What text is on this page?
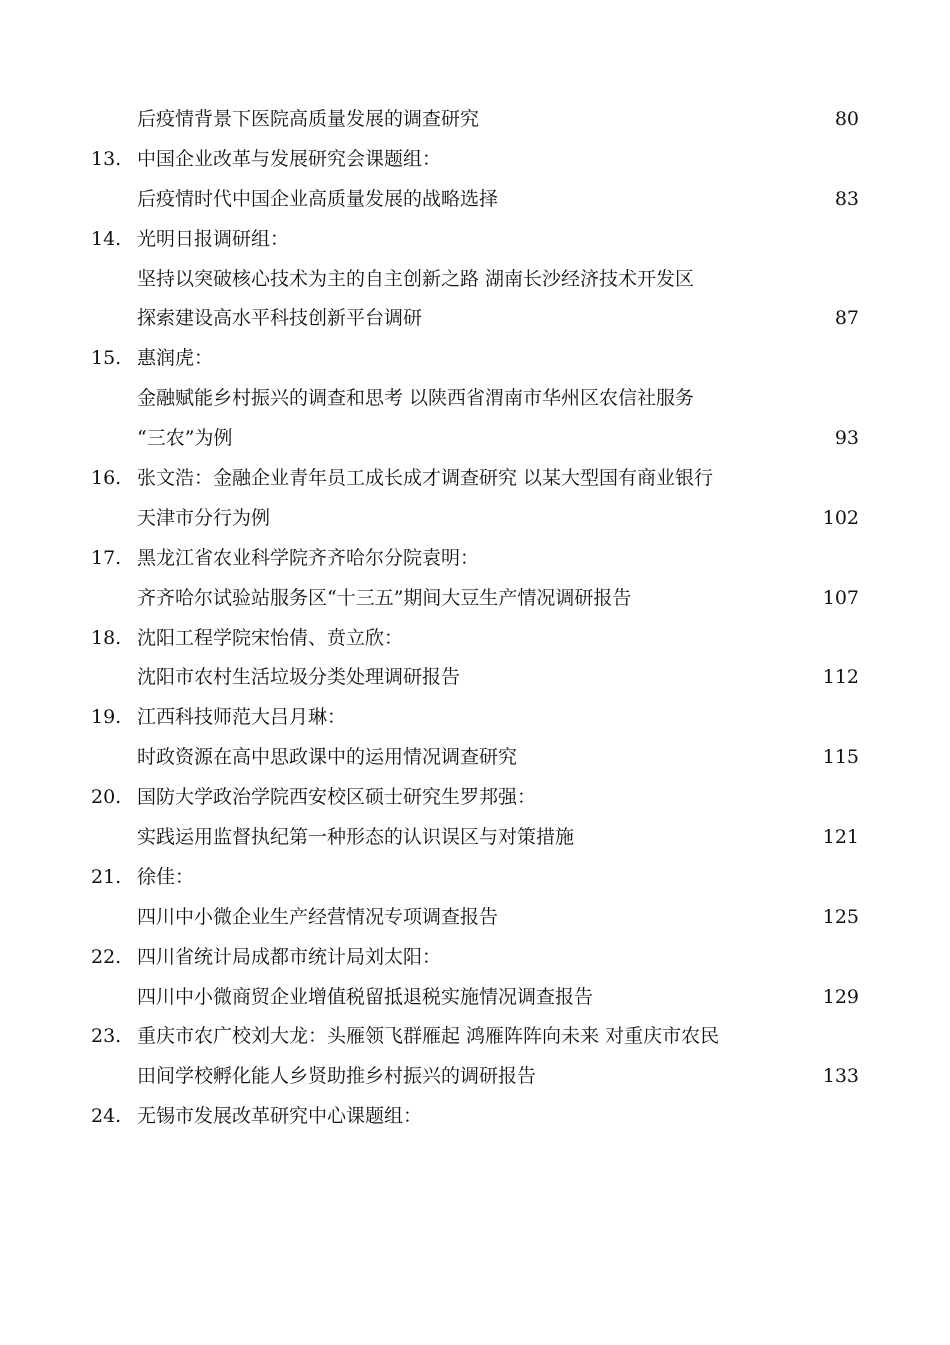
后疫情背景下医院高质量发展的调查研究	80
13. 中国企业改革与发展研究会课题组：
后疫情时代中国企业高质量发展的战略选择	83
14. 光明日报调研组：
坚持以突破核心技术为主的自主创新之路 湖南长沙经济技术开发区
探索建设高水平科技创新平台调研	87
15. 惠润虎：
金融赋能乡村振兴的调查和思考 以陕西省渭南市华州区农信社服务
“三农”为例	93
16. 张文浩：金融企业青年员工成长成才调查研究 以某大型国有商业银行
天津市分行为例	102
17. 黑龙江省农业科学院齐齐哈尔分院袁明：
齐齐哈尔试验站服务区“十三五”期间大豆生产情况调研报告	107
18. 沈阳工程学院宋怡倩、贲立欣：
沈阳市农村生活垃圾分类处理调研报告	112
19. 江西科技师范大吕月琳：
时政资源在高中思政课中的运用情况调查研究	115
20. 国防大学政治学院西安校区硕士研究生罗邦强：
实践运用监督执纪第一种形态的认识误区与对策措施	121
21. 徐佳：
四川中小微企业生产经营情况专项调查报告	125
22. 四川省统计局成都市统计局刘太阳：
四川中小微商贸企业增值税留抵退税实施情况调查报告	129
23. 重庆市农广校刘大龙：头雁领飞群雁起 鸿雁阵阵向未来 对重庆市农民
田间学校孵化能人乡贤助推乡村振兴的调研报告	133
24. 无锡市发展改革研究中心课题组：
